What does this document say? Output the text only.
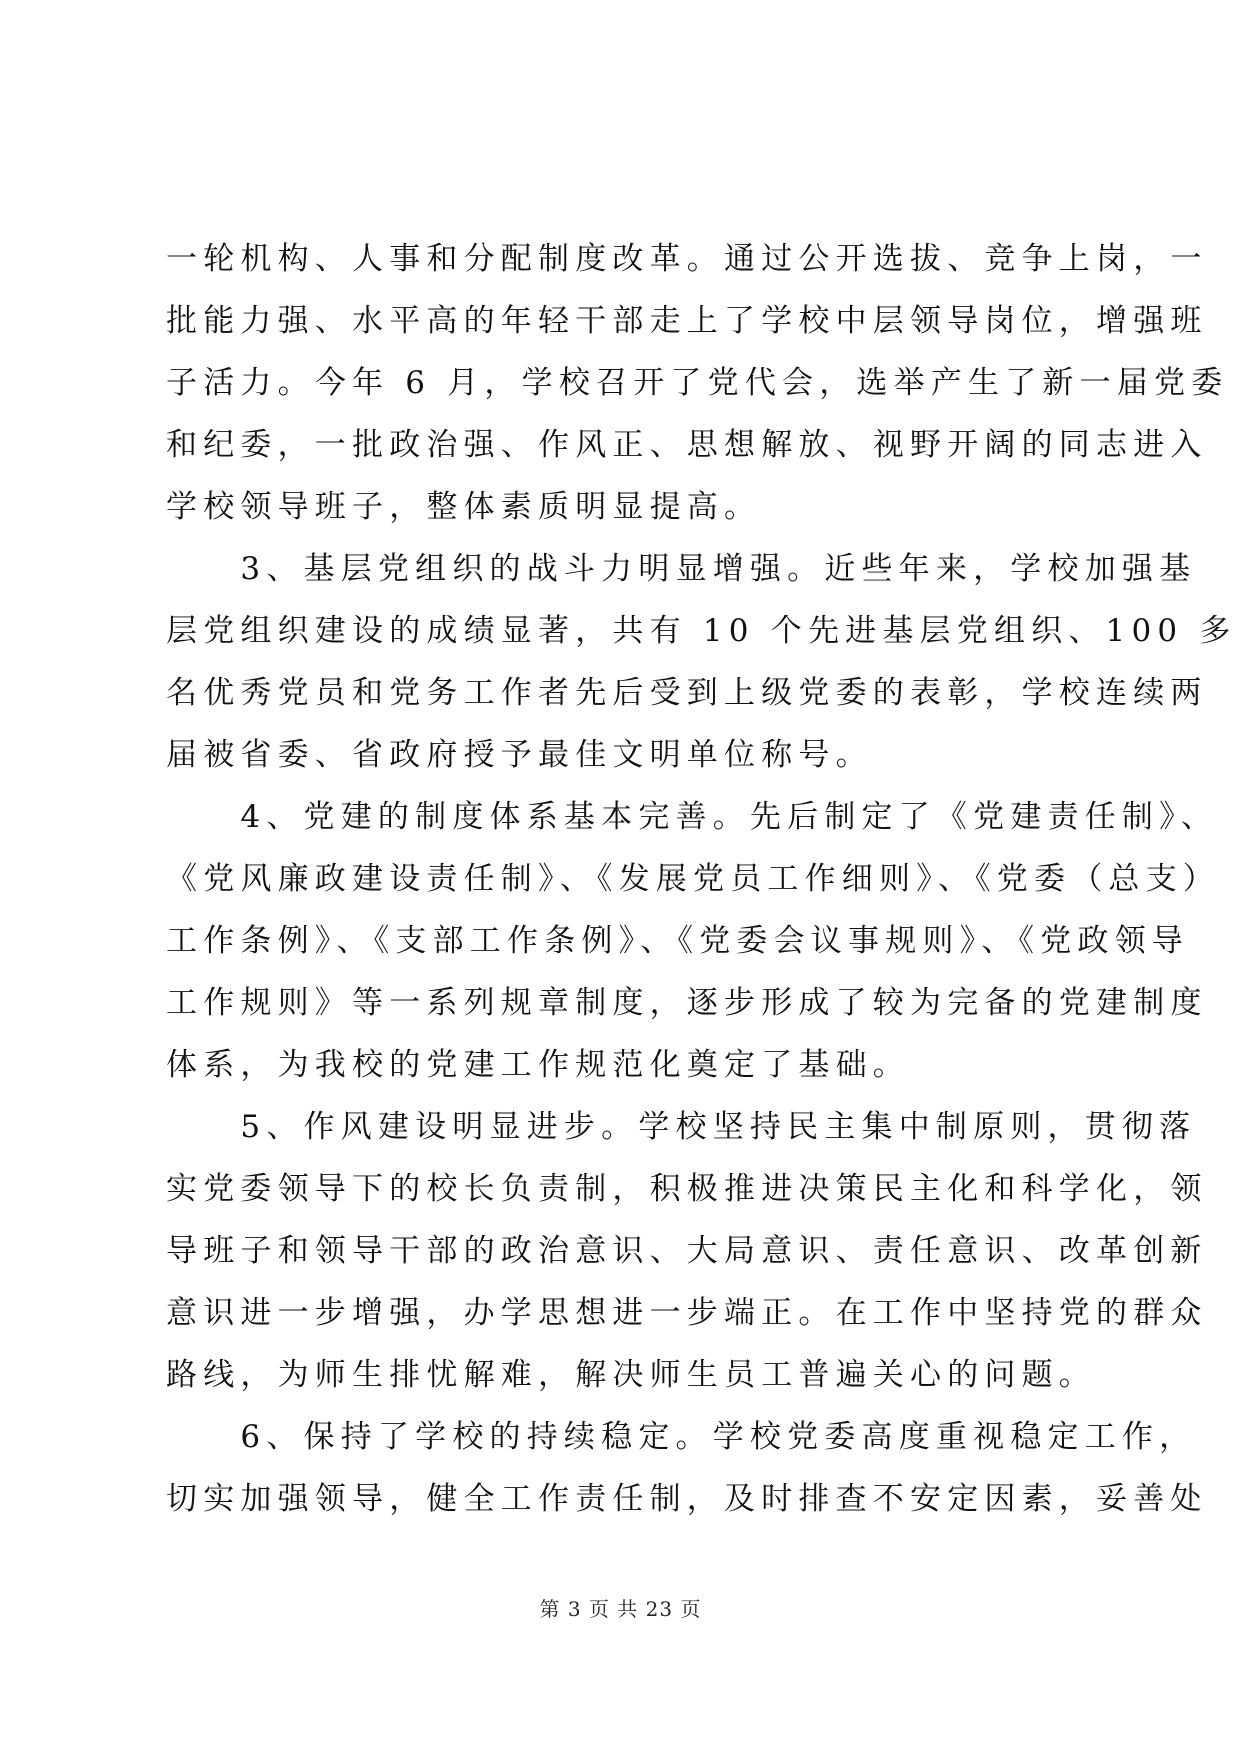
一轮机构、人事和分配制度改革。通过公开选拔、竞争上岗，一
批能力强、水平高的年轻干部走上了学校中层领导岗位，增强班
子活力。今年 6 月，学校召开了党代会，选举产生了新一届党委
和纪委，一批政治强、作风正、思想解放、视野开阔的同志进入
学校领导班子，整体素质明显提高。
　　3、基层党组织的战斗力明显增强。近些年来，学校加强基
层党组织建设的成绩显著，共有 10 个先进基层党组织、100 多
名优秀党员和党务工作者先后受到上级党委的表彰，学校连续两
届被省委、省政府授予最佳文明单位称号。
　　4、党建的制度体系基本完善。先后制定了《党建责任制》、
《党风廉政建设责任制》、《发展党员工作细则》、《党委（总支）
工作条例》、《支部工作条例》、《党委会议事规则》、《党政领导
工作规则》等一系列规章制度，逐步形成了较为完备的党建制度
体系，为我校的党建工作规范化奠定了基础。
　　5、作风建设明显进步。学校坚持民主集中制原则，贯彻落
实党委领导下的校长负责制，积极推进决策民主化和科学化，领
导班子和领导干部的政治意识、大局意识、责任意识、改革创新
意识进一步增强，办学思想进一步端正。在工作中坚持党的群众
路线，为师生排忧解难，解决师生员工普遍关心的问题。
　　6、保持了学校的持续稳定。学校党委高度重视稳定工作，
切实加强领导，健全工作责任制，及时排查不安定因素，妥善处
第 3 页 共 23 页
